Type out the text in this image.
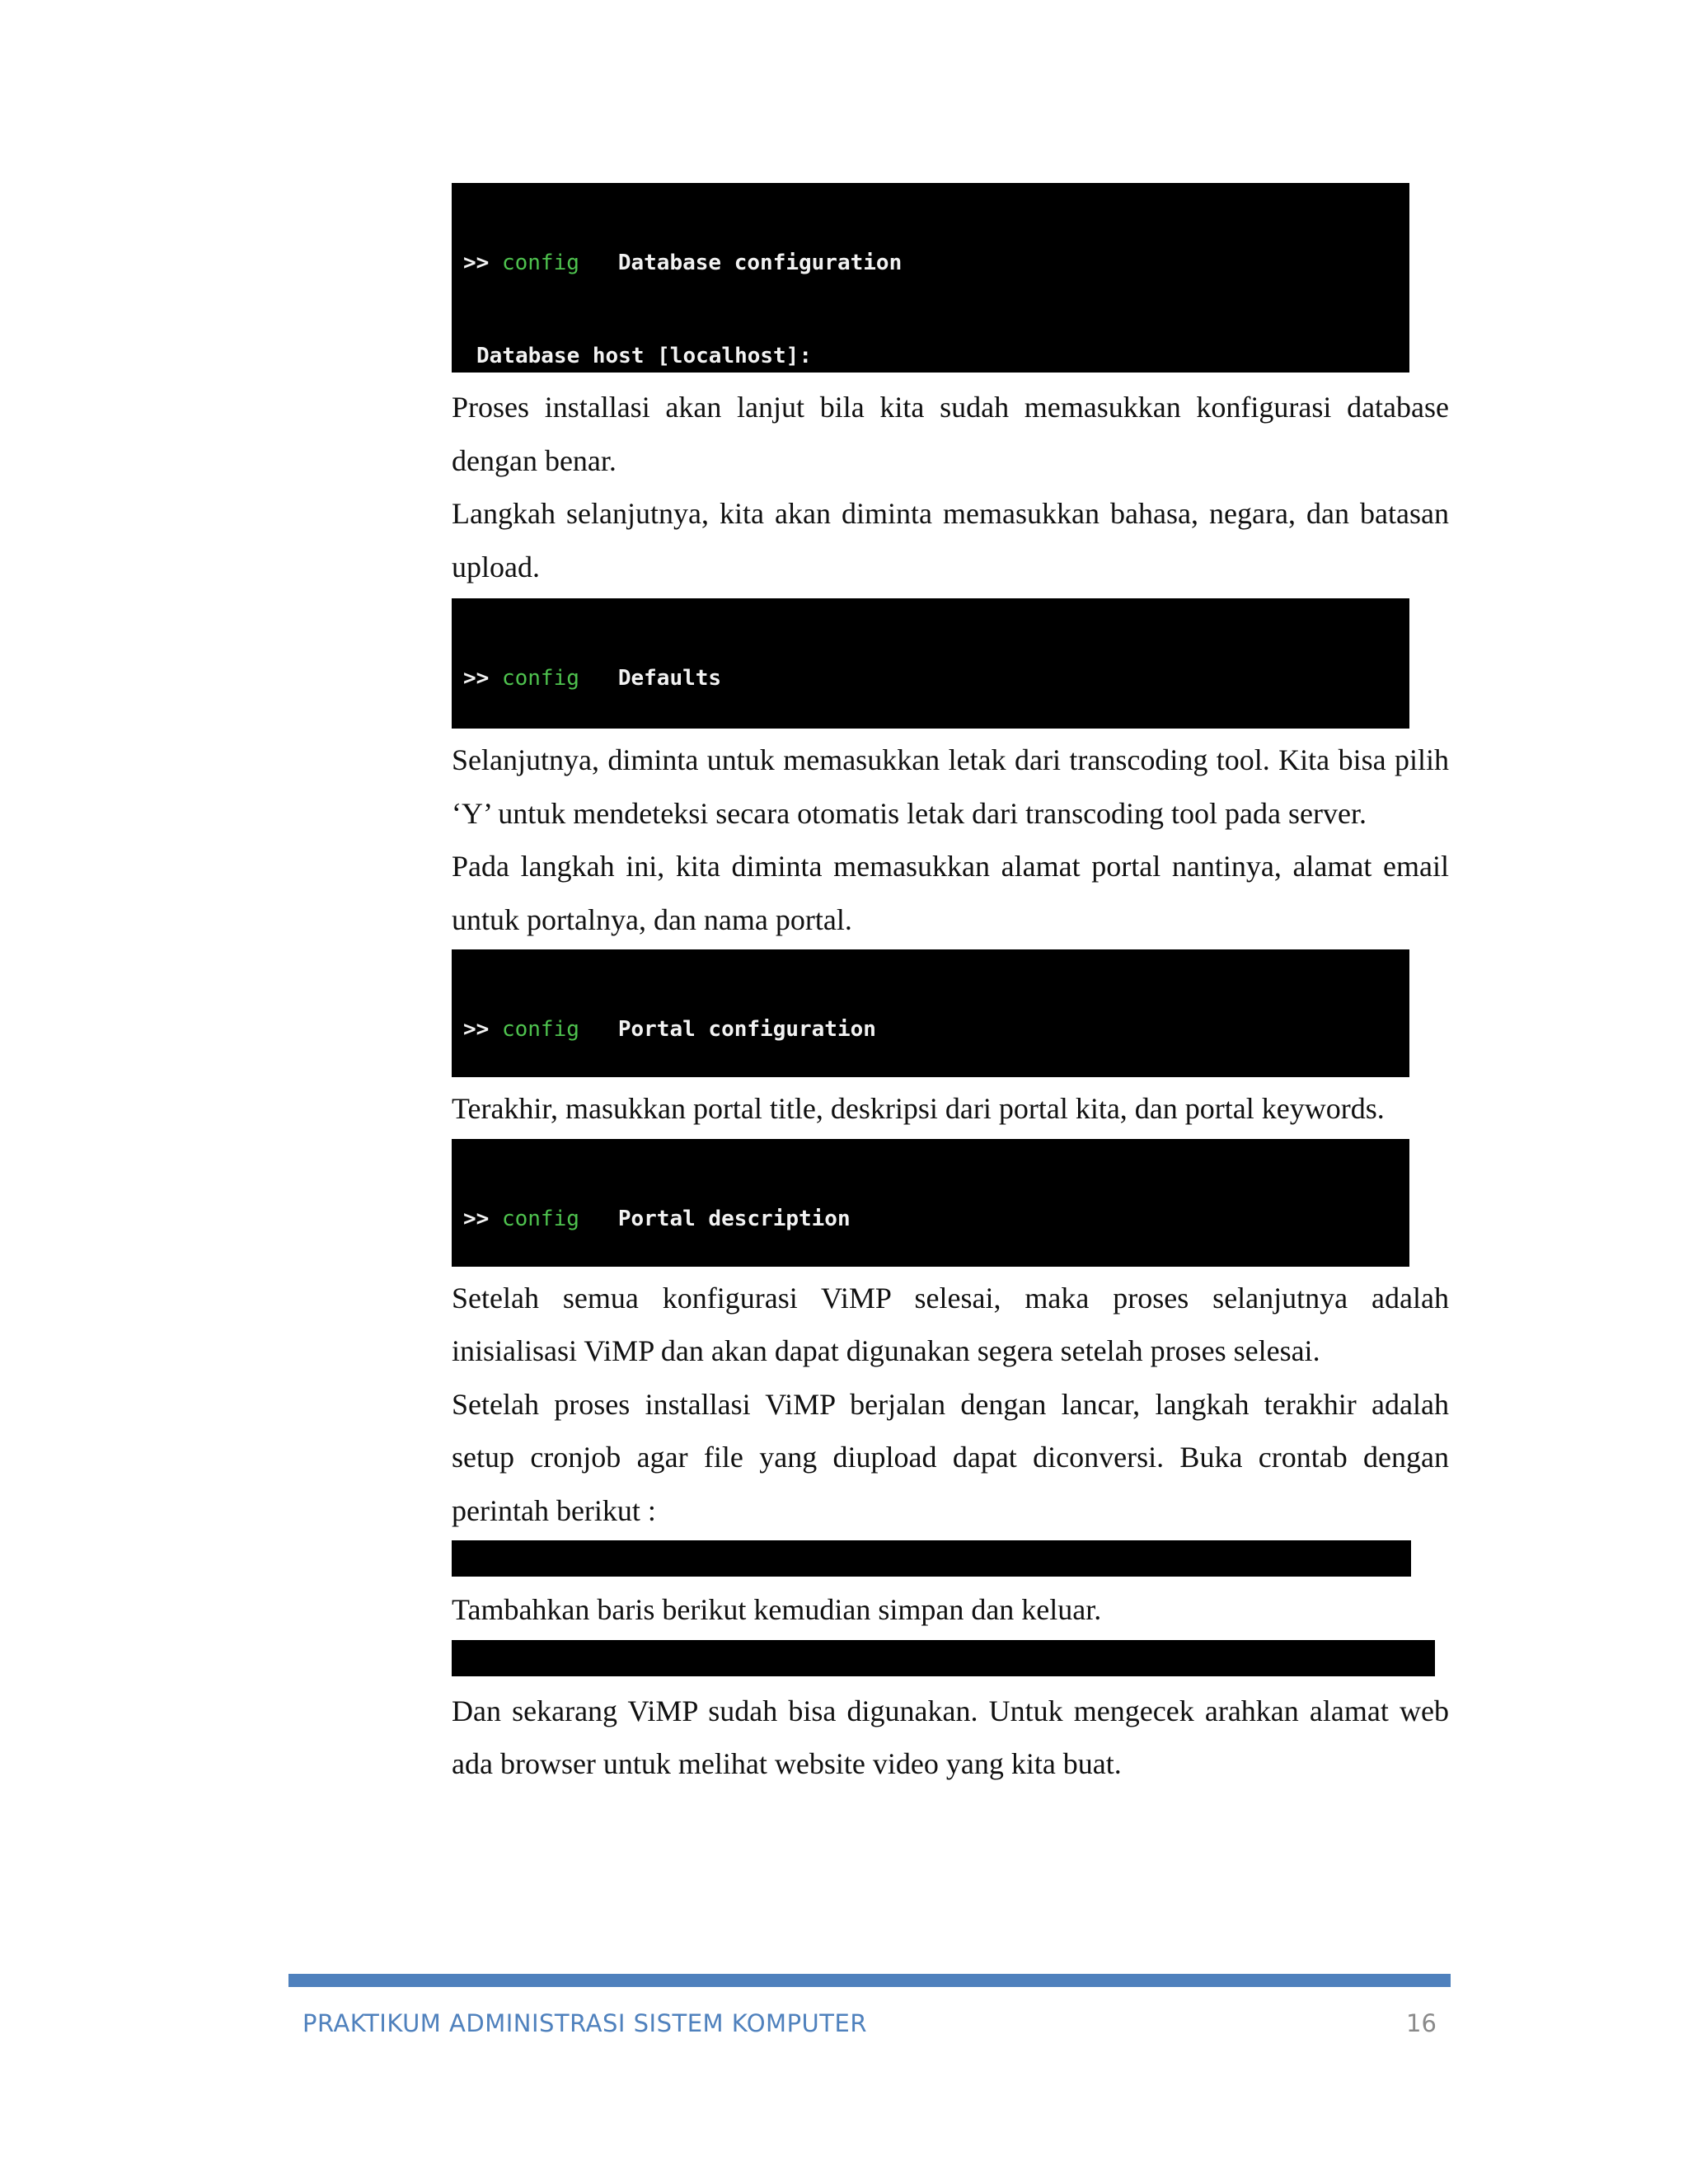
>> config   Database configuration

Database host [localhost]:

Proses installasi akan lanjut bila kita sudah memasukkan konfigurasi database dengan benar.

Langkah selanjutnya, kita akan diminta memasukkan bahasa, negara, dan batasan upload.

>> config   Defaults

Selanjutnya, diminta untuk memasukkan letak dari transcoding tool. Kita bisa pilih ‘Y’ untuk mendeteksi secara otomatis letak dari transcoding tool pada server.

Pada langkah ini, kita diminta memasukkan alamat portal nantinya, alamat email untuk portalnya, dan nama portal.

>> config   Portal configuration

Terakhir, masukkan portal title, deskripsi dari portal kita, dan portal keywords.

>> config   Portal description

Setelah semua konfigurasi ViMP selesai, maka proses selanjutnya adalah inisialisasi ViMP dan akan dapat digunakan segera setelah proses selesai.

Setelah proses installasi ViMP berjalan dengan lancar, langkah terakhir adalah setup cronjob agar file yang diupload dapat diconversi. Buka crontab dengan perintah berikut :

Tambahkan baris berikut kemudian simpan dan keluar.

Dan sekarang ViMP sudah bisa digunakan. Untuk mengecek arahkan alamat web ada browser untuk melihat website video yang kita buat.

PRAKTIKUM ADMINISTRASI SISTEM KOMPUTER	16
